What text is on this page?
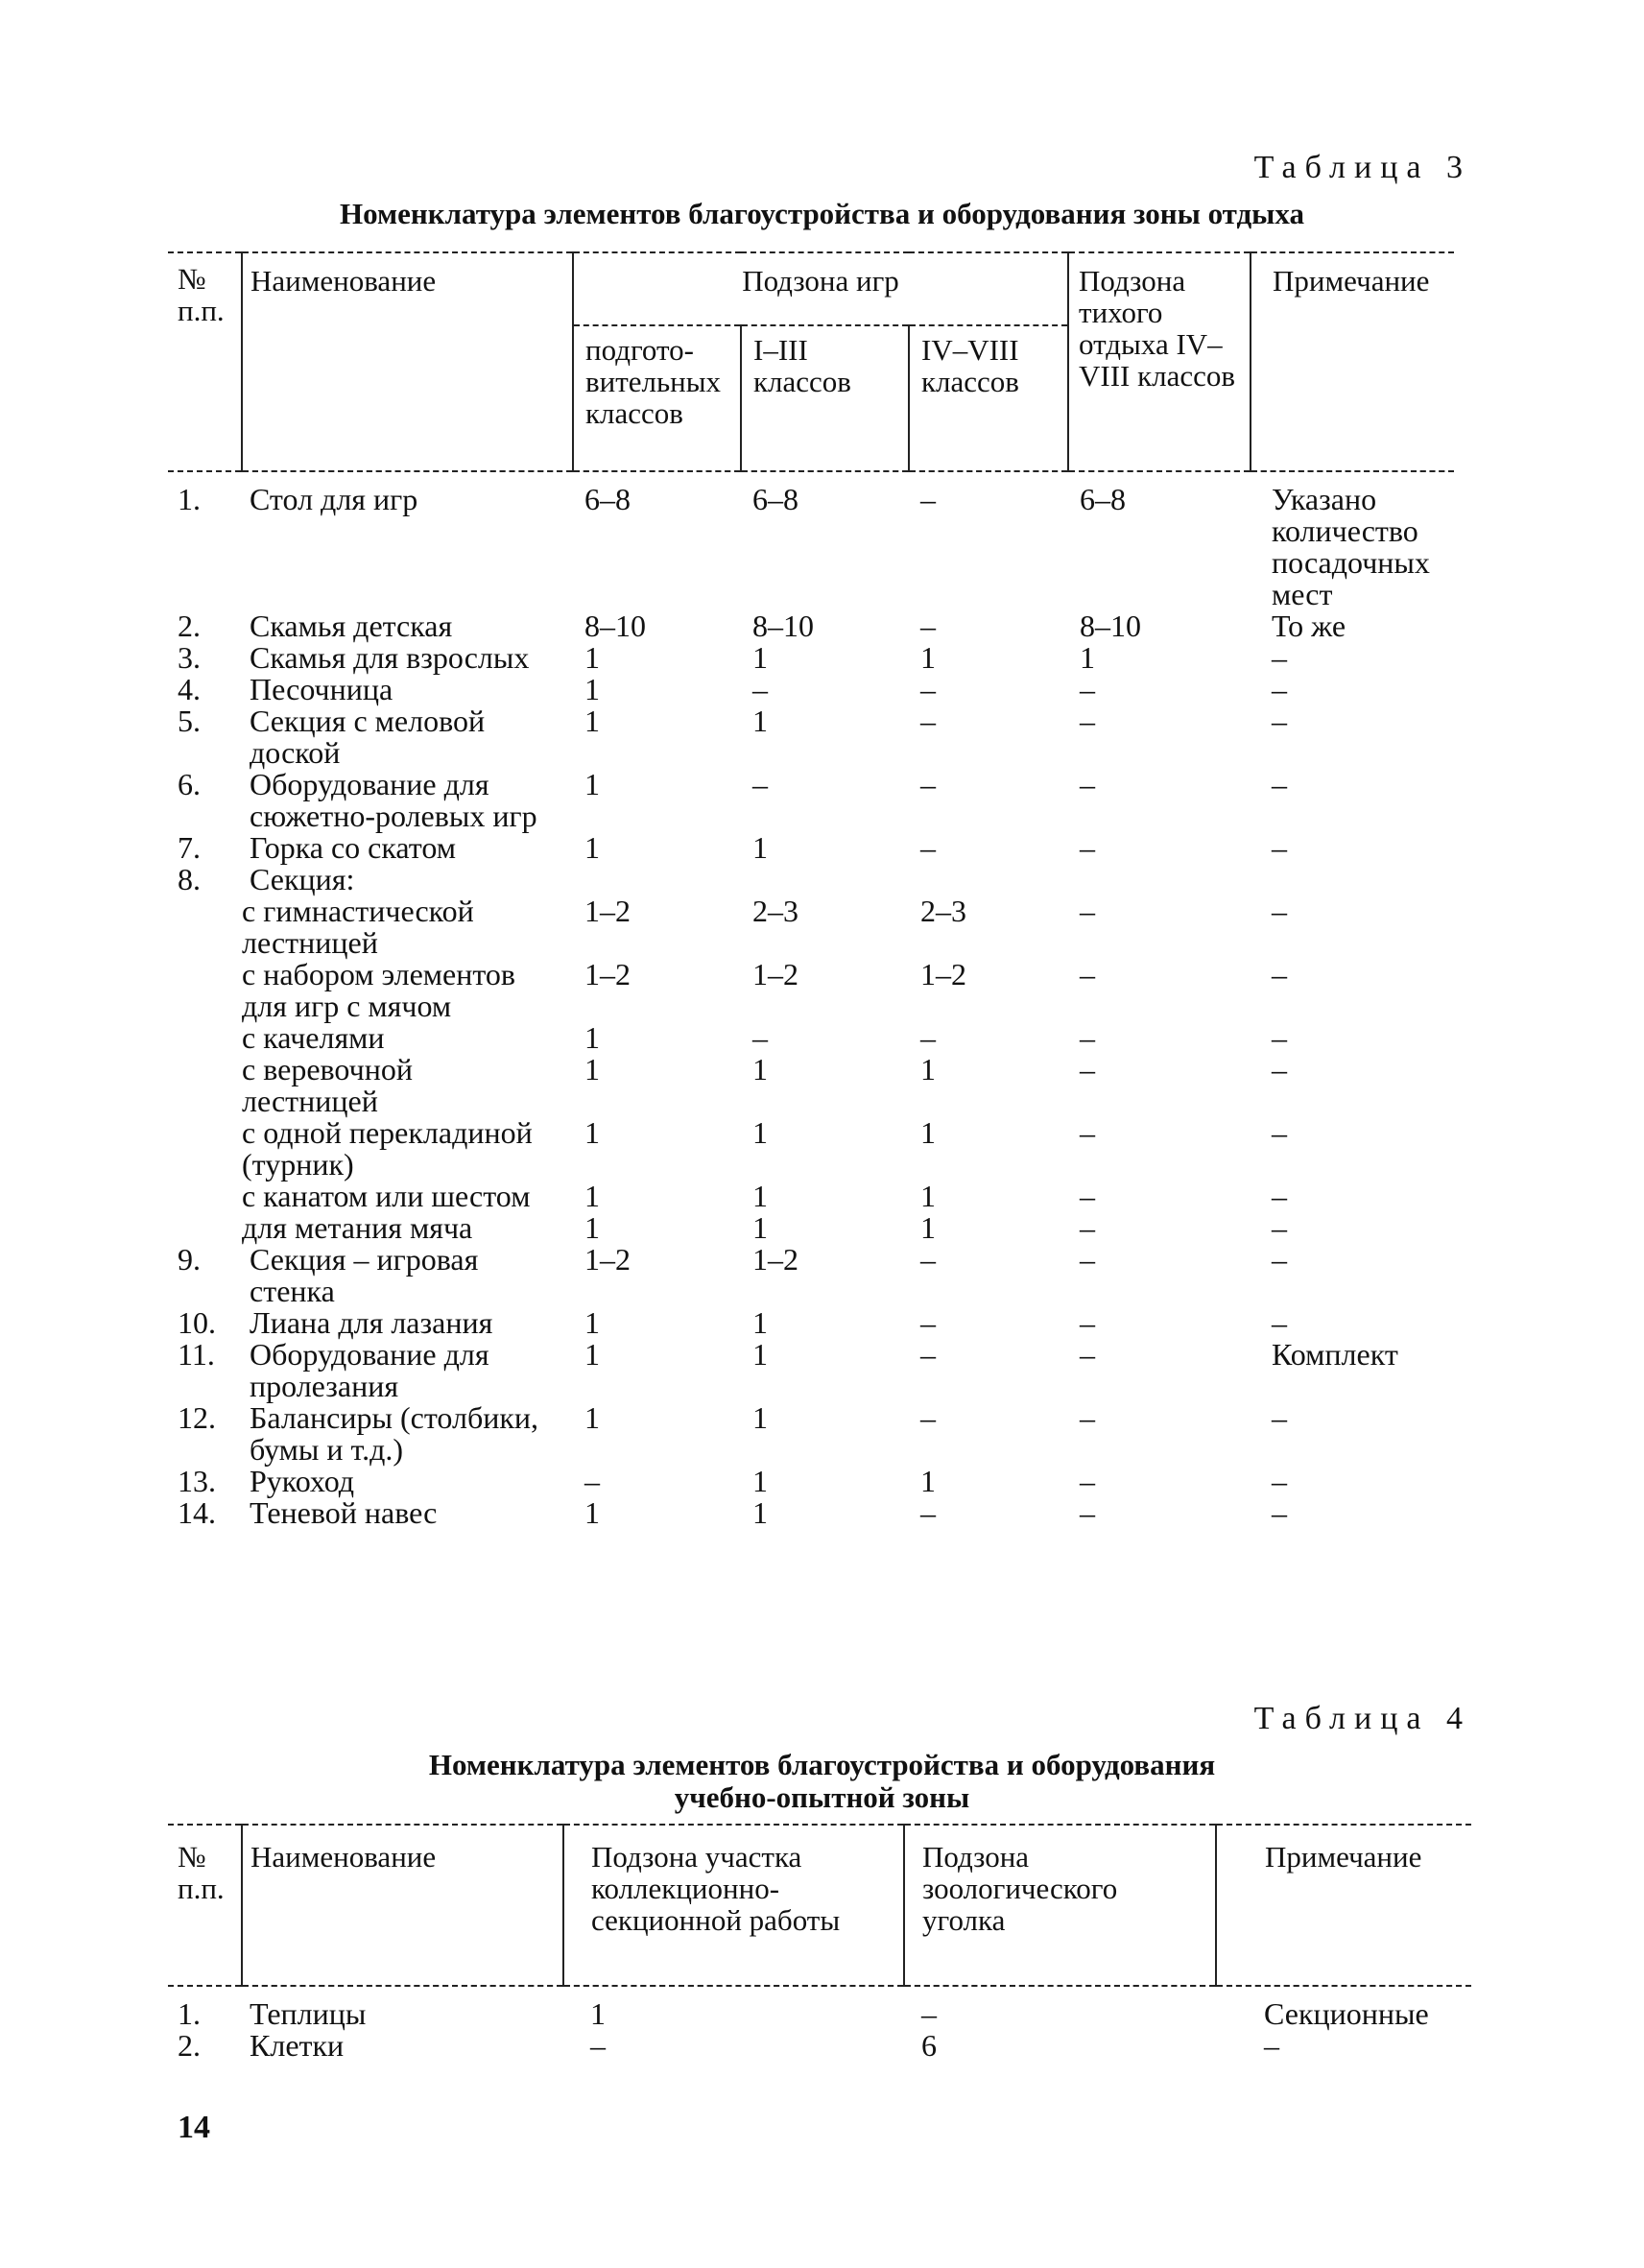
Таблица 3
Номенклатура элементов благоустройства и оборудования зоны отдыха
№ п.п.	Наименование	Подзона игр			Подзона тихого отдыха IV–VIII классов	Примечание
		подгото-вительных классов	I–III классов	IV–VIII классов		
1.	Стол для игр	6–8	6–8	–	6–8	Указано количество посадочных мест
2.	Скамья детская	8–10	8–10	–	8–10	То же
3.	Скамья для взрослых	1	1	1	1	–
4.	Песочница	1	–	–	–	–
5.	Секция с меловой доской	1	1	–	–	–
6.	Оборудование для сюжетно-ролевых игр	1	–	–	–	–
7.	Горка со скатом	1	1	–	–	–
8.	Секция:					
	с гимнастической лестницей	1–2	2–3	2–3	–	–
	с набором элементов для игр с мячом	1–2	1–2	1–2	–	–
	с качелями	1	–	–	–	–
	с веревочной лестницей	1	1	1	–	–
	с одной перекладиной (турник)	1	1	1	–	–
	с канатом или шестом	1	1	1	–	–
	для метания мяча	1	1	1	–	–
9.	Секция – игровая стенка	1–2	1–2	–	–	–
10.	Лиана для лазания	1	1	–	–	–
11.	Оборудование для пролезания	1	1	–	–	Комплект
12.	Балансиры (столбики, бумы и т.д.)	1	1	–	–	–
13.	Рукоход	–	1	1	–	–
14.	Теневой навес	1	1	–	–	–
Таблица 4
Номенклатура элементов благоустройства и оборудования
учебно-опытной зоны
№ п.п.	Наименование	Подзона участка коллекционно-секционной работы	Подзона зоологического уголка	Примечание
1.	Теплицы	1	–	Секционные
2.	Клетки	–	6	–
14
